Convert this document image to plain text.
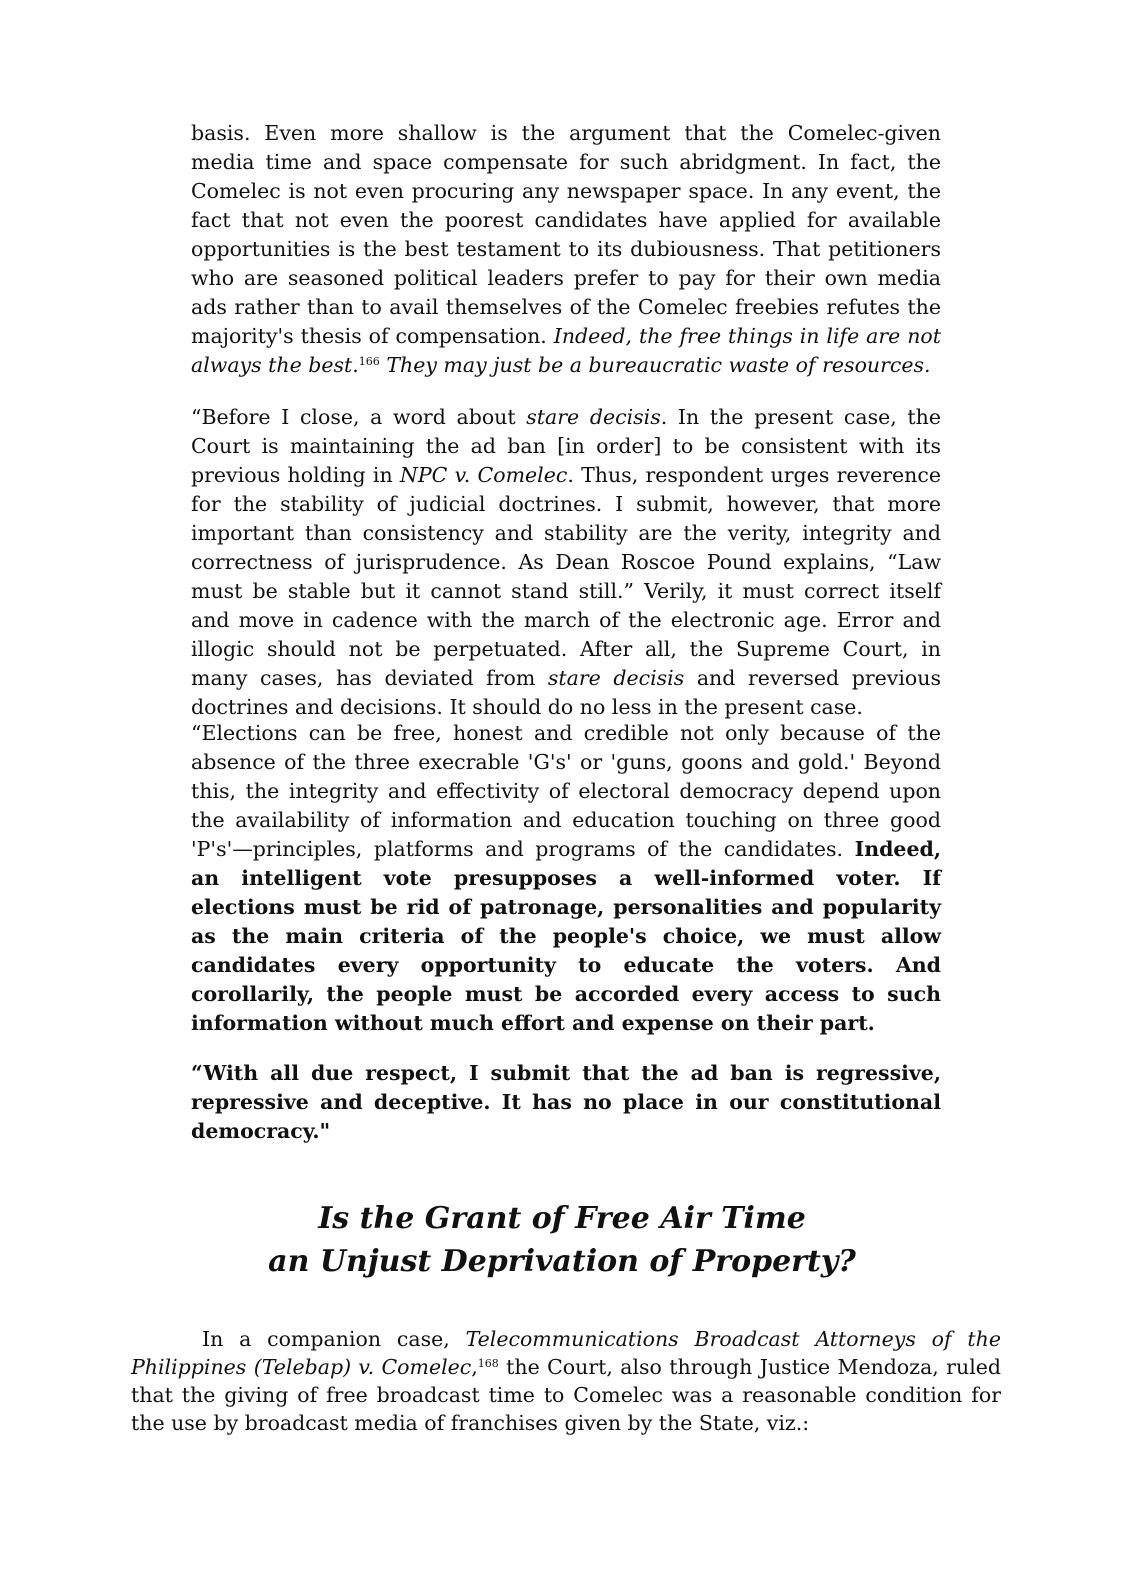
basis. Even more shallow is the argument that the Comelec-given media time and space compensate for such abridgment. In fact, the Comelec is not even procuring any newspaper space. In any event, the fact that not even the poorest candidates have applied for available opportunities is the best testament to its dubiousness. That petitioners who are seasoned political leaders prefer to pay for their own media ads rather than to avail themselves of the Comelec freebies refutes the majority's thesis of compensation. Indeed, the free things in life are not always the best.$^{166}$ They may just be a bureaucratic waste of resources.

“Before I close, a word about stare decisis. In the present case, the Court is maintaining the ad ban [in order] to be consistent with its previous holding in NPC v. Comelec. Thus, respondent urges reverence for the stability of judicial doctrines. I submit, however, that more important than consistency and stability are the verity, integrity and correctness of jurisprudence. As Dean Roscoe Pound explains, “Law must be stable but it cannot stand still.” Verily, it must correct itself and move in cadence with the march of the electronic age. Error and illogic should not be perpetuated. After all, the Supreme Court, in many cases, has deviated from stare decisis and reversed previous doctrines and decisions. It should do no less in the present case.

“Elections can be free, honest and credible not only because of the absence of the three execrable 'G's' or 'guns, goons and gold.' Beyond this, the integrity and effectivity of electoral democracy depend upon the availability of information and education touching on three good 'P's'—principles, platforms and programs of the candidates. Indeed, an intelligent vote presupposes a well-informed voter. If elections must be rid of patronage, personalities and popularity as the main criteria of the people's choice, we must allow candidates every opportunity to educate the voters. And corollarily, the people must be accorded every access to such information without much effort and expense on their part.

“With all due respect, I submit that the ad ban is regressive, repressive and deceptive. It has no place in our constitutional democracy."

Is the Grant of Free Air Time
an Unjust Deprivation of Property?

In a companion case, Telecommunications Broadcast Attorneys of the Philippines (Telebap) v. Comelec,$^{168}$ the Court, also through Justice Mendoza, ruled that the giving of free broadcast time to Comelec was a reasonable condition for the use by broadcast media of franchises given by the State, viz.:
